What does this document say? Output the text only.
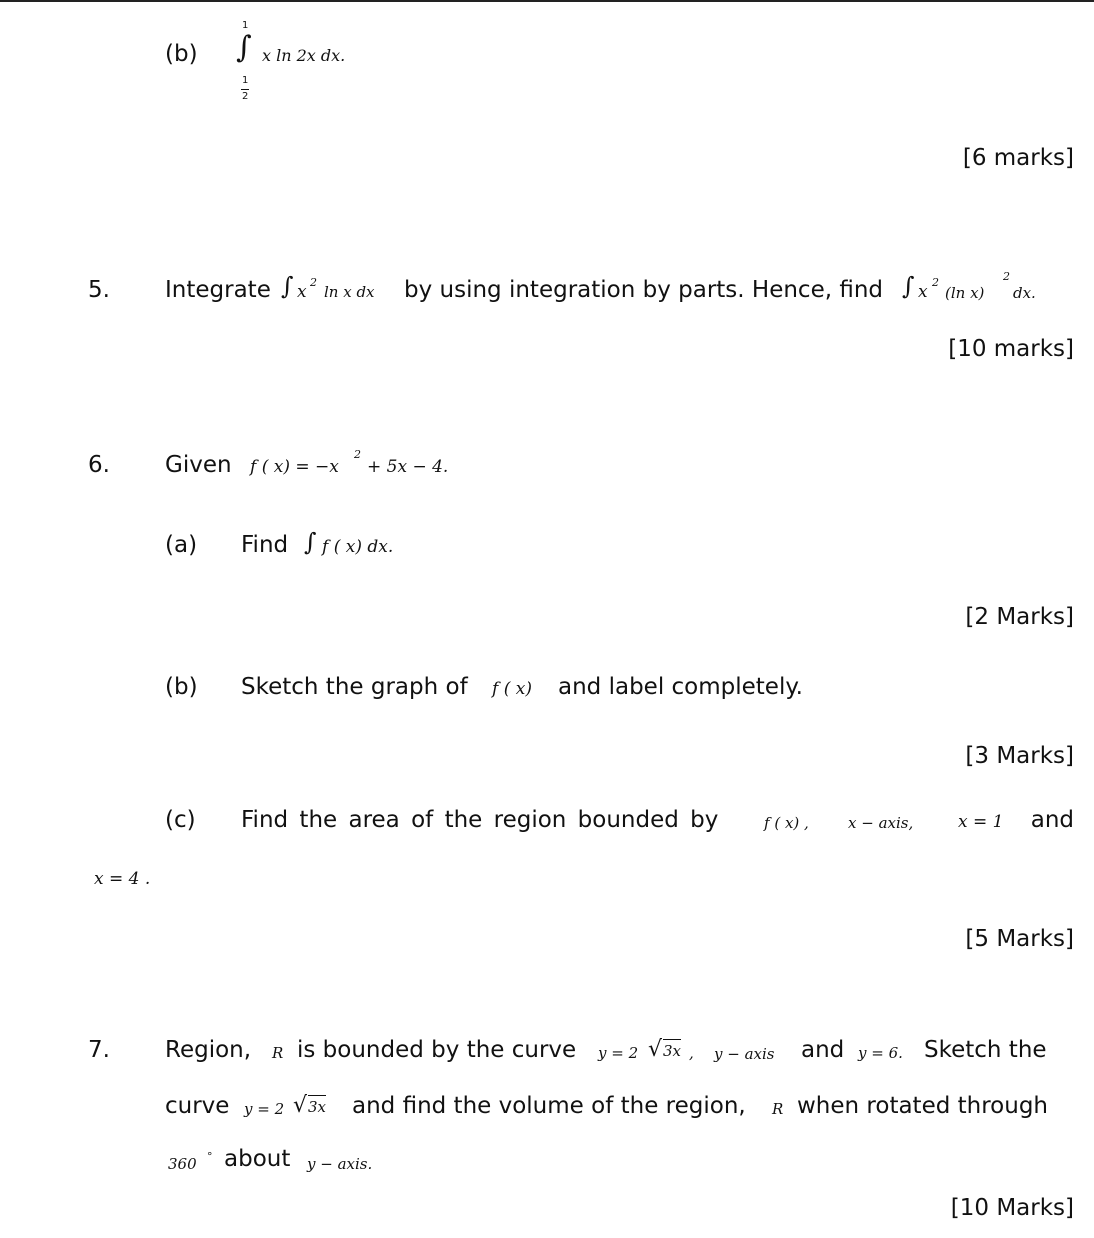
(b)
1
∫
1
2
x ln 2x dx.
[6 marks]
5. Integrate ∫ x 2
ln x dx by using integration by parts. Hence, find ∫ x 2
(ln x)
2
dx.
[10 marks]
6. Given f ( x) = −x
2
+ 5x − 4.
(a) Find ∫ f ( x) dx.
[2 Marks]
(b) Sketch the graph of f ( x) and label completely.
[3 Marks]
(c) Find the area of the region bounded by	f ( x) ,	x − axis,	x = 1 and
x = 4 .
[5 Marks]
7. Region, R is bounded by the curve y = 2 √ 3x , y − axis and y = 6. Sketch the
curve y = 2 √ 3x and find the volume of the region, R when rotated through
360 ° about y − axis.
[10 Marks]
